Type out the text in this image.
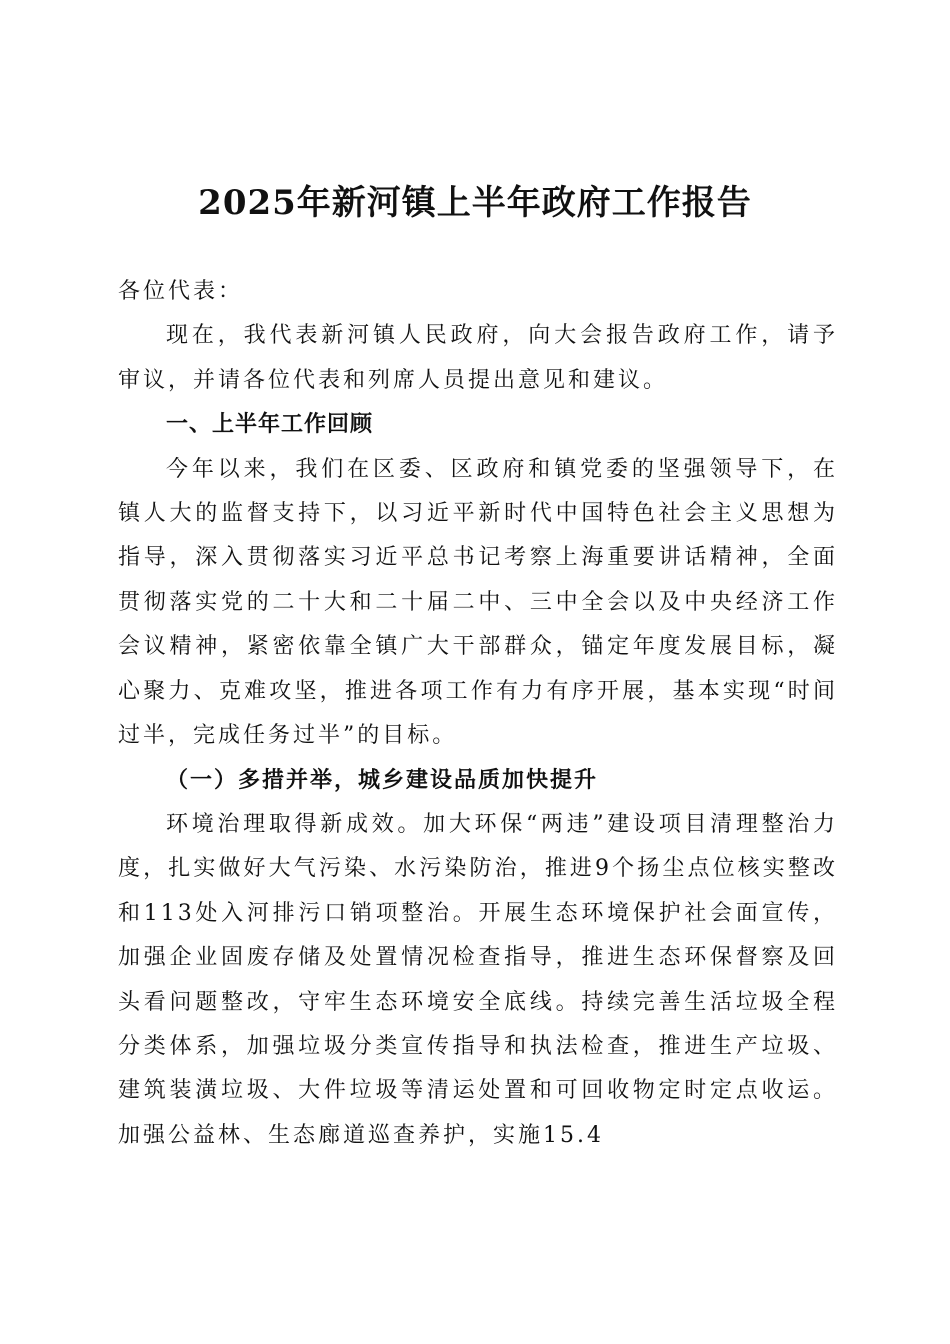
2025年新河镇上半年政府工作报告

各位代表：

现在，我代表新河镇人民政府，向大会报告政府工作，请予审议，并请各位代表和列席人员提出意见和建议。

一、上半年工作回顾

今年以来，我们在区委、区政府和镇党委的坚强领导下，在镇人大的监督支持下，以习近平新时代中国特色社会主义思想为指导，深入贯彻落实习近平总书记考察上海重要讲话精神，全面贯彻落实党的二十大和二十届二中、三中全会以及中央经济工作会议精神，紧密依靠全镇广大干部群众，锚定年度发展目标，凝心聚力、克难攻坚，推进各项工作有力有序开展，基本实现“时间过半，完成任务过半”的目标。

（一）多措并举，城乡建设品质加快提升

环境治理取得新成效。加大环保“两违”建设项目清理整治力度，扎实做好大气污染、水污染防治，推进9个扬尘点位核实整改和113处入河排污口销项整治。开展生态环境保护社会面宣传，加强企业固废存储及处置情况检查指导，推进生态环保督察及回头看问题整改，守牢生态环境安全底线。持续完善生活垃圾全程分类体系，加强垃圾分类宣传指导和执法检查，推进生产垃圾、建筑装潢垃圾、大件垃圾等清运处置和可回收物定时定点收运。加强公益林、生态廊道巡查养护，实施15.4
